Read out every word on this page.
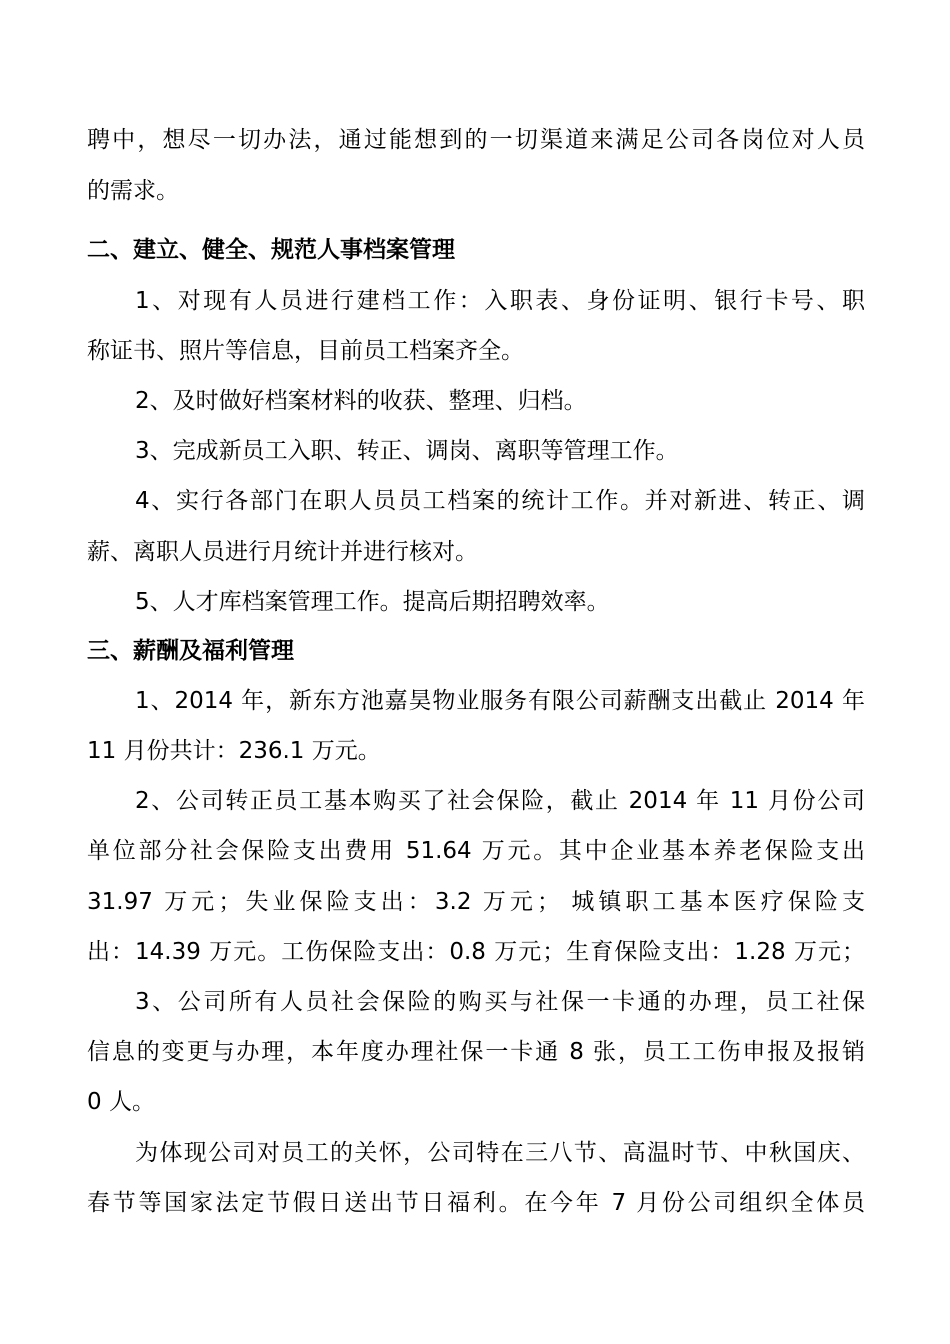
聘中，想尽一切办法，通过能想到的一切渠道来满足公司各岗位对人员
的需求。
二、建立、健全、规范人事档案管理
1、对现有人员进行建档工作：入职表、身份证明、银行卡号、职
称证书、照片等信息，目前员工档案齐全。
2、及时做好档案材料的收获、整理、归档。
3、完成新员工入职、转正、调岗、离职等管理工作。
4、实行各部门在职人员员工档案的统计工作。并对新进、转正、调
薪、离职人员进行月统计并进行核对。
5、人才库档案管理工作。提高后期招聘效率。
三、薪酬及福利管理
1、2014 年，新东方池嘉昊物业服务有限公司薪酬支出截止 2014 年
11 月份共计：236.1 万元。
2、公司转正员工基本购买了社会保险，截止 2014 年 11 月份公司
单位部分社会保险支出费用 51.64 万元。其中企业基本养老保险支出
31.97 万元；失业保险支出：3.2 万元； 城镇职工基本医疗保险支
出：14.39 万元。工伤保险支出：0.8 万元；生育保险支出：1.28 万元；
3、公司所有人员社会保险的购买与社保一卡通的办理，员工社保
信息的变更与办理，本年度办理社保一卡通 8 张，员工工伤申报及报销
0 人。
为体现公司对员工的关怀，公司特在三八节、高温时节、中秋国庆、
春节等国家法定节假日送出节日福利。在今年 7 月份公司组织全体员
